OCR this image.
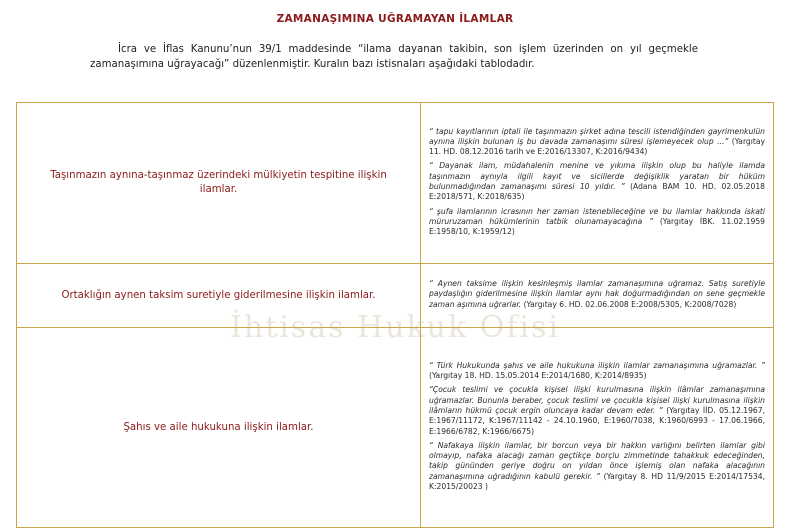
ZAMANAŞIMINA UĞRAMAYAN İLAMLAR
İcra ve İflas Kanunu’nun 39/1 maddesinde “ilama dayanan takibin, son işlem üzerinden on yıl geçmekle zamanaşımına uğrayacağı” düzenlenmiştir. Kuralın bazı istisnaları aşağıdaki tablodadır.
İhtisas Hukuk Ofisi
Taşınmazın aynına-taşınmaz üzerindeki mülkiyetin tespitine ilişkin ilamlar.	“ tapu kayıtlarının iptali ile taşınmazın şirket adına tescili istendiğinden gayrimenkulün aynına ilişkin bulunan iş bu davada zamanaşımı süresi işlemeyecek olup ...” (Yargıtay 11. HD. 08.12.2016 tarih ve E:2016/13307, K:2016/9434)

“ Dayanak ilam, müdahalenin menine ve yıkıma ilişkin olup bu haliyle ilamda taşınmazın aynıyla ilgili kayıt ve sicillerde değişiklik yaratan bir hüküm bulunmadığından zamanaşımı süresi 10 yıldır. ” (Adana BAM 10. HD. 02.05.2018 E:2018/571, K:2018/635)

“ şufa ilamlarının icrasının her zaman istenebileceğine ve bu ilamlar hakkında iskati müruruzaman hükümlerinin tatbik olunamayacağına ” (Yargıtay İBK. 11.02.1959 E:1958/10, K:1959/12)

Ortaklığın aynen taksim suretiyle giderilmesine ilişkin ilamlar.	“ Aynen taksime ilişkin kesinleşmiş ilamlar zamanaşımına uğramaz. Satış suretiyle paydaşlığın giderilmesine ilişkin ilamlar aynı hak doğurmadığından on sene geçmekle zaman aşımına uğrarlar. (Yargıtay 6. HD. 02.06.2008 E:2008/5305, K:2008/7028)

Şahıs ve aile hukukuna ilişkin ilamlar.	“ Türk Hukukunda şahıs ve aile hukukuna ilişkin ilamlar zamanaşımına uğramazlar. ” (Yargıtay 18. HD. 15.05.2014 E:2014/1680, K:2014/8935)

“Çocuk teslimi ve çocukla kişisel ilişki kurulmasına ilişkin ilâmlar zamanaşımına uğramazlar. Bununla beraber, çocuk teslimi ve çocukla kişisel ilişki kurulmasına ilişkin ilâmların hükmü çocuk ergin oluncaya kadar devam eder. ” (Yargıtay İİD. 05.12.1967, E:1967/11172, K:1967/11142 - 24.10.1960, E:1960/7038, K:1960/6993 - 17.06.1966, E:1966/6782, K:1966/6675)

“ Nafakaya ilişkin ilamlar, bir borcun veya bir hakkın varlığını belirten ilamlar gibi olmayıp, nafaka alacağı zaman geçtikçe borçlu zimmetinde tahakkuk edeceğinden, takip gününden geriye doğru on yıldan önce işlemiş olan nafaka alacağının zamanaşımına uğradığının kabulü gerekir. ” (Yargıtay 8. HD 11/9/2015 E:2014/17534, K:2015/20023 )
